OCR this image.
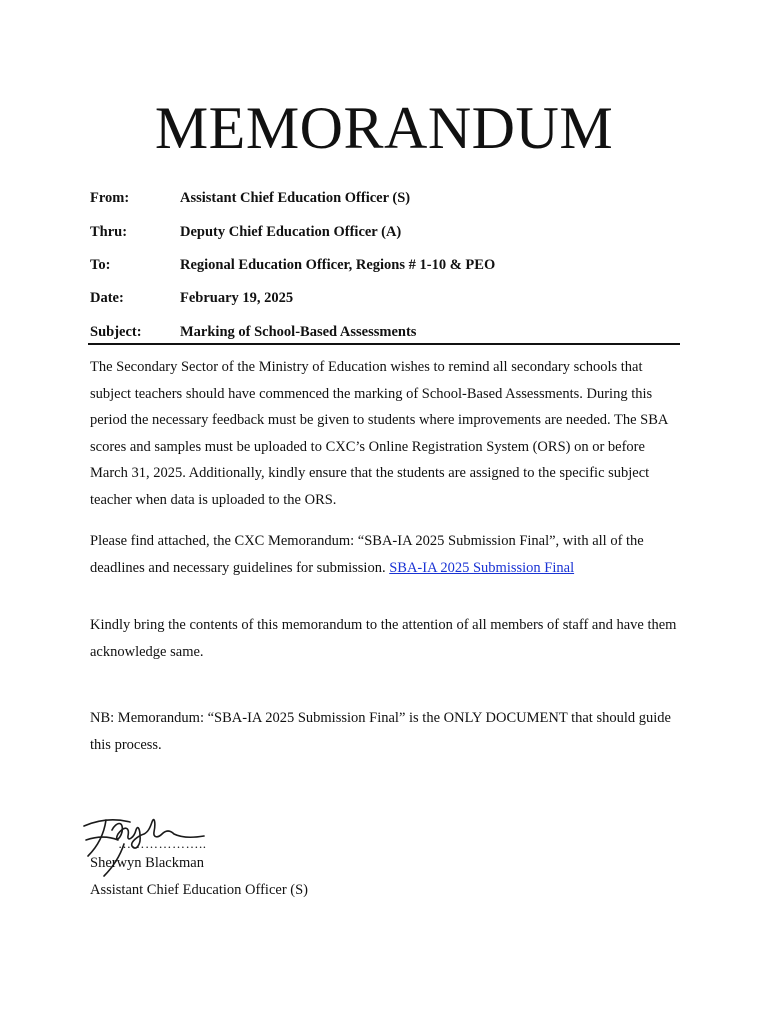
MEMORANDUM
From:	Assistant Chief Education Officer (S)
Thru:	Deputy Chief Education Officer (A)
To:	Regional Education Officer, Regions # 1-10 & PEO
Date:	February 19, 2025
Subject:	Marking of School-Based Assessments
The Secondary Sector of the Ministry of Education wishes to remind all secondary schools that subject teachers should have commenced the marking of School-Based Assessments. During this period the necessary feedback must be given to students where improvements are needed. The SBA scores and samples must be uploaded to CXC’s Online Registration System (ORS) on or before March 31, 2025. Additionally, kindly ensure that the students are assigned to the specific subject teacher when data is uploaded to the ORS.
Please find attached, the CXC Memorandum: “SBA-IA 2025 Submission Final”, with all of the deadlines and necessary guidelines for submission. SBA-IA 2025 Submission Final
Kindly bring the contents of this memorandum to the attention of all members of staff and have them acknowledge same.
NB: Memorandum: “SBA-IA 2025 Submission Final” is the ONLY DOCUMENT that should guide this process.
………………..
Sherwyn Blackman
Assistant Chief Education Officer (S)
